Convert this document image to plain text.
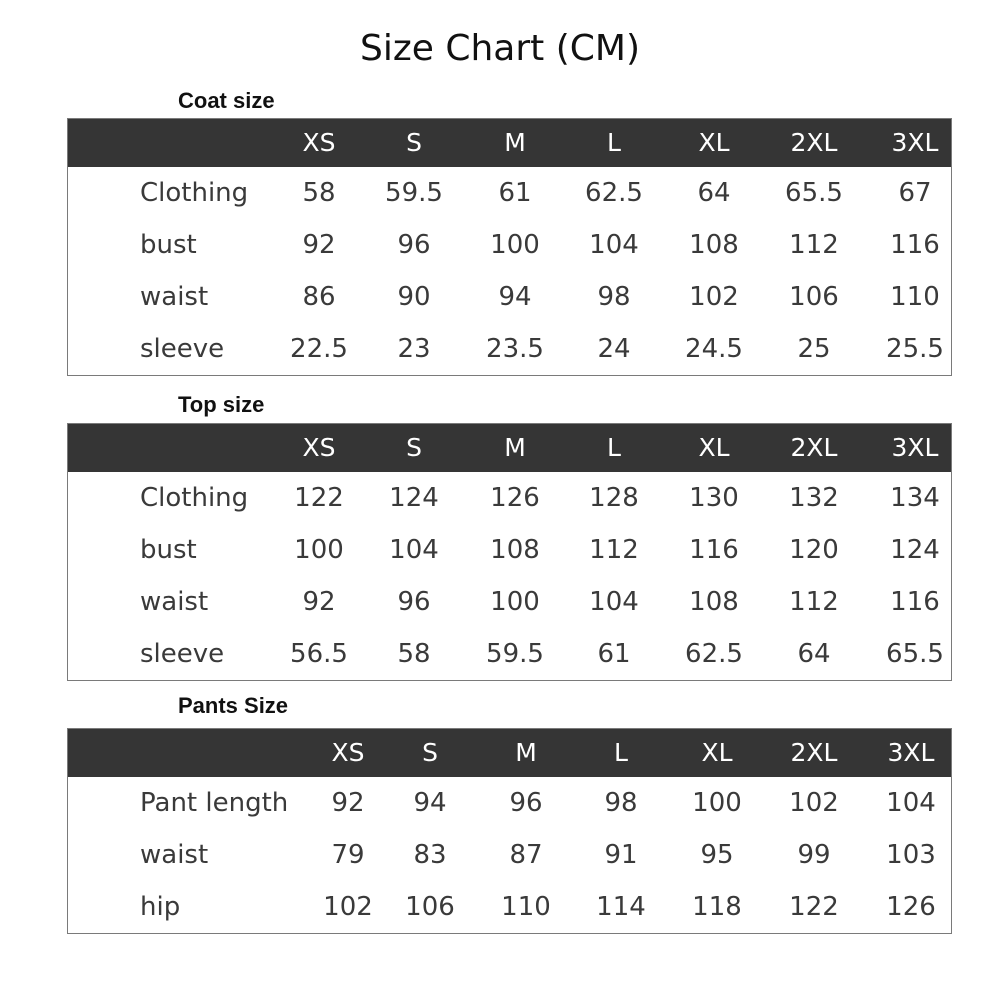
Size Chart (CM)
Coat size
XS	S	M	L	XL 2XL 3XL
Clothing 58 59.5 61 62.5 64 65.5 67
bust	92 96 100 104 108 112 116
waist	86 90	94	98 102 106 110
sleeve	22.5 23 23.5 24 24.5 25 25.5
Top size
XS	S	M	L	XL 2XL 3XL
Clothing 122 124 126 128 130 132 134
bust	100 104 108 112 116 120 124
waist	92 96 100 104 108 112 116
sleeve	56.5 58 59.5 61 62.5 64 65.5
Pants Size
XS S	M	L	XL 2XL 3XL
Pant length 92 94 96 98 100 102 104
waist	79 83 87 91 95 99 103
hip	102 106 110 114 118 122 126
